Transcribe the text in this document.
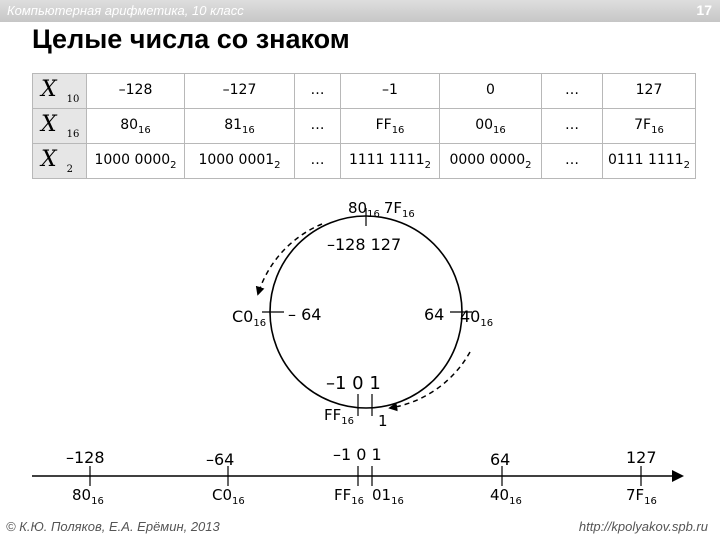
Компьютерная арифметика, 10 класс	17
Целые числа со знаком
X $_{10}$	–128	–127	…	–1	0	…	127
X $_{16}$	$80_{16}$	$81_{16}$	…	$FF_{16}$	$00_{16}$	…	$7F_{16}$
X $_2$	1000 $0000_2$	1000 $0001_2$	…	1111 $1111_2$	0000 $0000_2$	…	0111 $1111_2$
$80_{16}$ $7F_{16}$
–128 127
$C0_{16} - 64$	64 $40_{16}$
–1 0 1
$FF_{16}$ 1
–128	–64	–1 0 1	64	127
$80_{16}$	$C0_{16}$	$FF_{16}$ $01_{16}$	$40_{16}$	$7F_{16}$
© К.Ю. Поляков, Е.А. Ерёмин, 2013	http://kpolyakov.spb.ru
